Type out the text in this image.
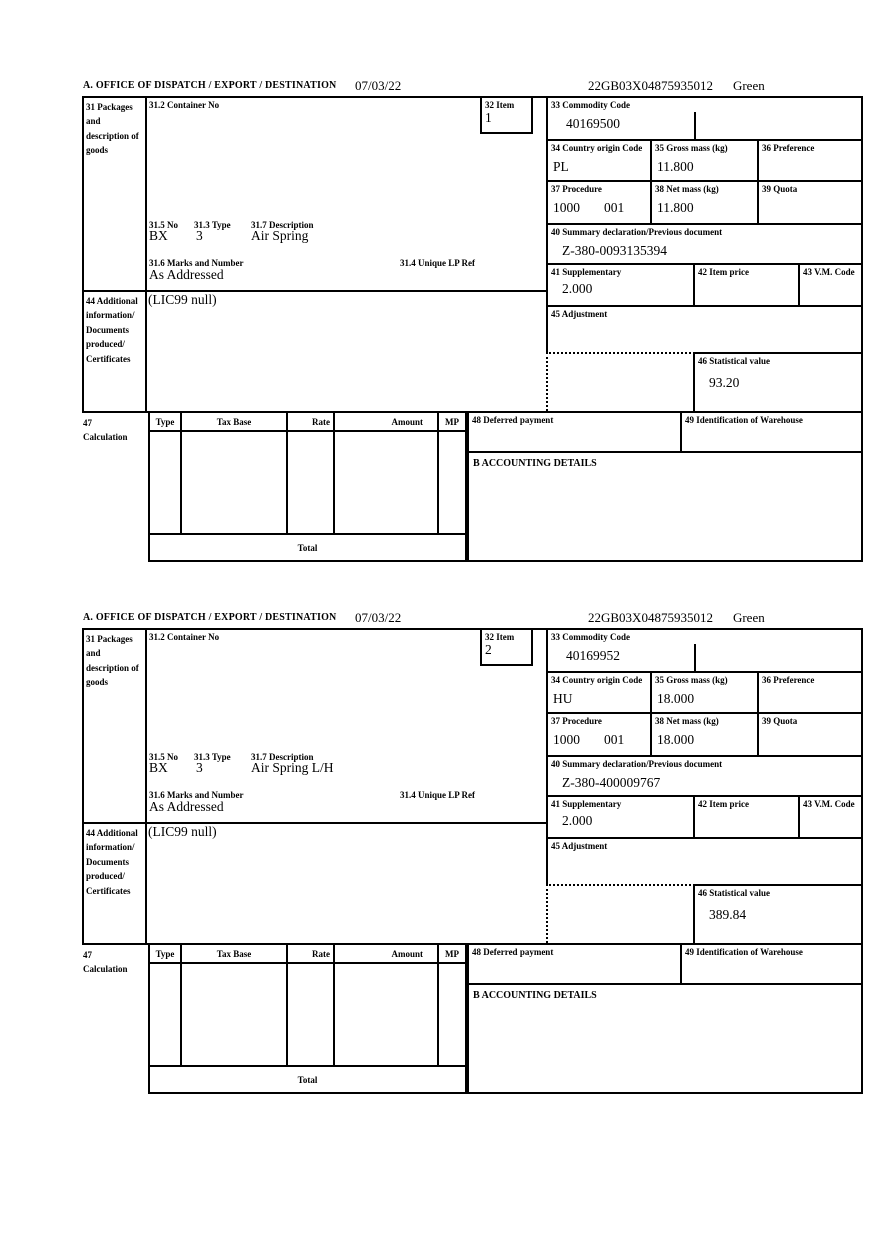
A. OFFICE OF DISPATCH / EXPORT / DESTINATION 07/03/22	22GB03X04875935012 Green
31 Packages and description of goods
44 Additional information/ Documents produced/ Certificates
31.2 Container No	32 Item
1
31.5 No 31.3 Type 31.7 Description
BX 3	Air Spring
31.6 Marks and Number	31.4 Unique LP Ref
As Addressed
(LIC99 null)
33 Commodity Code
40169500
34 Country origin Code
PL
35 Gross mass (kg)
11.800
36 Preference
37 Procedure
1000 001
38 Net mass (kg)
11.800
39 Quota
40 Summary declaration/Previous document
Z-380-0093135394
41 Supplementary
2.000
42 Item price	43 V.M. Code
45 Adjustment
46 Statistical value
93.20
47 Calculation
Type	Tax Base	Rate	Amount	MP
Total
48 Deferred payment	49 Identification of Warehouse
B ACCOUNTING DETAILS
A. OFFICE OF DISPATCH / EXPORT / DESTINATION 07/03/22	22GB03X04875935012 Green
31 Packages and description of goods
44 Additional information/ Documents produced/ Certificates
31.2 Container No	32 Item
2
31.5 No 31.3 Type 31.7 Description
BX 3	Air Spring L/H
31.6 Marks and Number	31.4 Unique LP Ref
As Addressed
(LIC99 null)
33 Commodity Code
40169952
34 Country origin Code
HU
35 Gross mass (kg)
18.000
36 Preference
37 Procedure
1000 001
38 Net mass (kg)
18.000
39 Quota
40 Summary declaration/Previous document
Z-380-400009767
41 Supplementary
2.000
42 Item price	43 V.M. Code
45 Adjustment
46 Statistical value
389.84
47 Calculation
Type	Tax Base	Rate	Amount	MP
Total
48 Deferred payment	49 Identification of Warehouse
B ACCOUNTING DETAILS
